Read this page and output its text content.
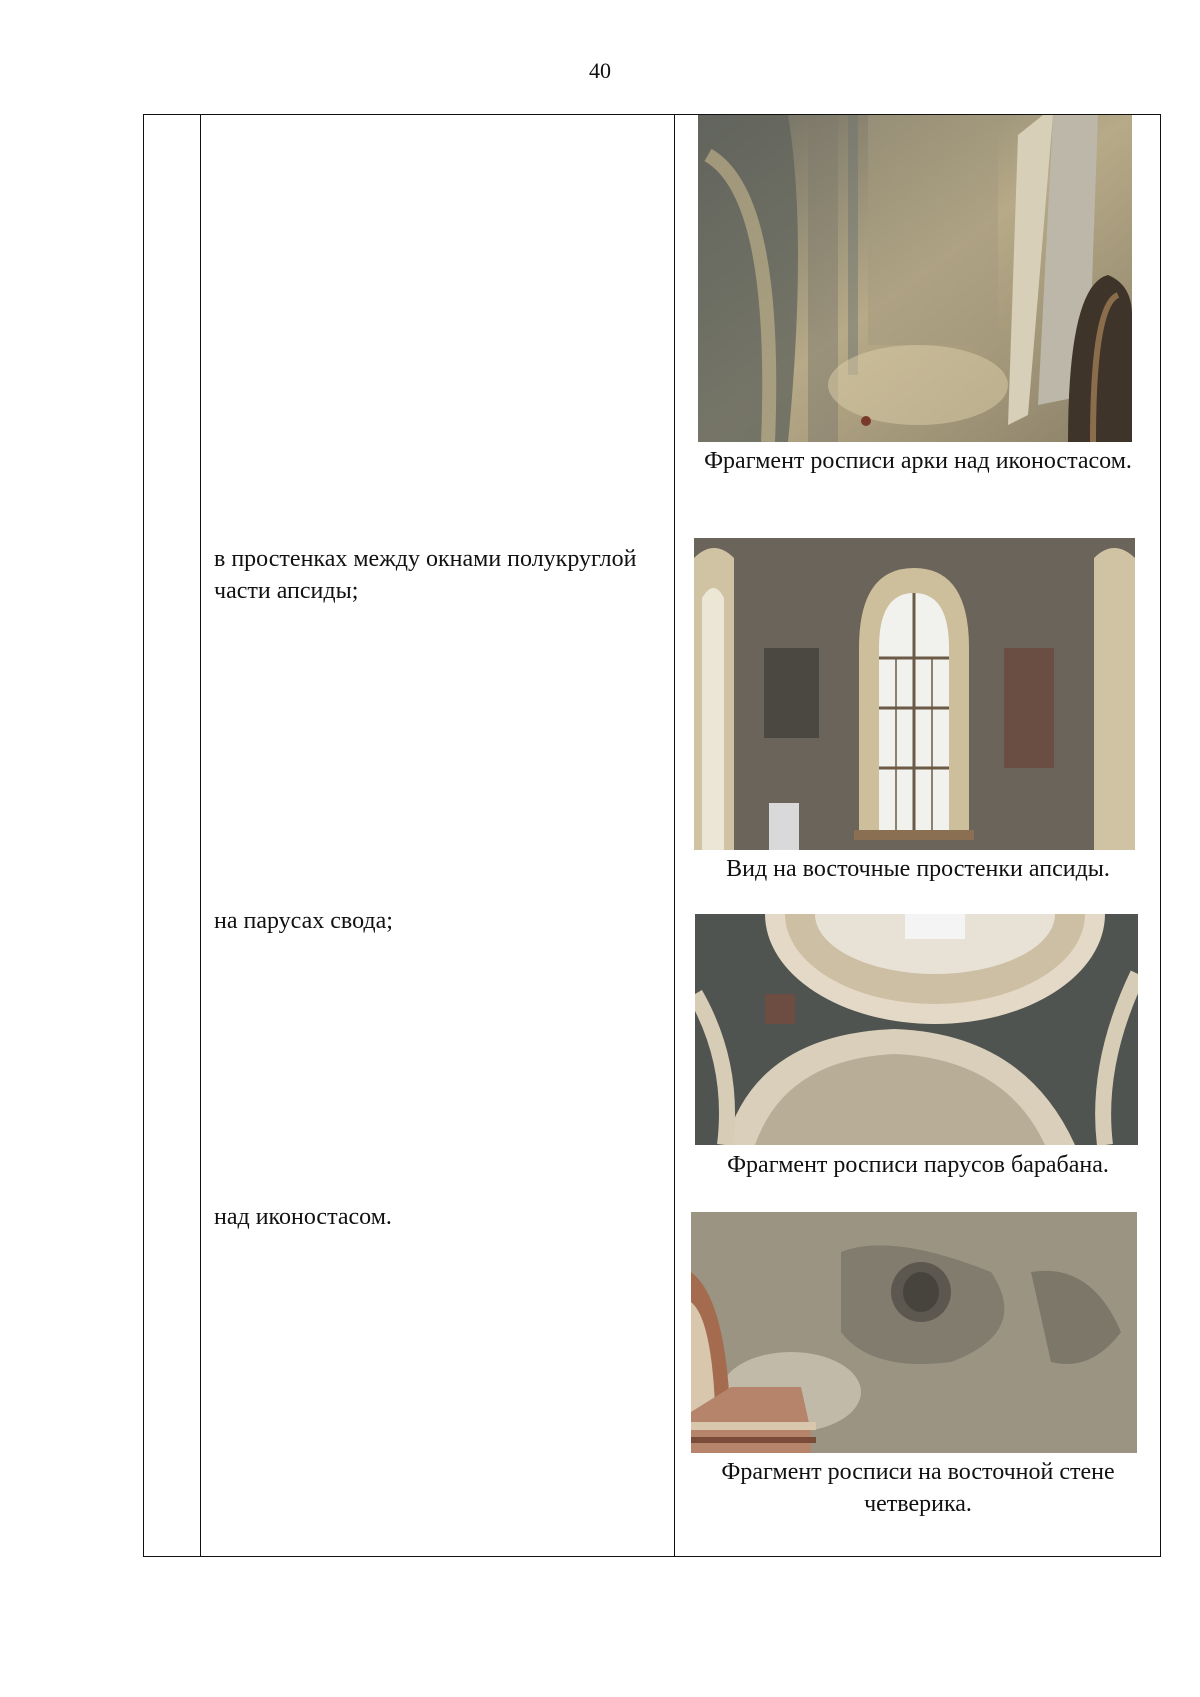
40
в простенках между окнами полукруглой части апсиды;
на парусах свода;
над иконостасом.
Фрагмент росписи арки над иконостасом.
Вид на восточные простенки апсиды.
Фрагмент росписи парусов барабана.
Фрагмент росписи на восточной стене четверика.
